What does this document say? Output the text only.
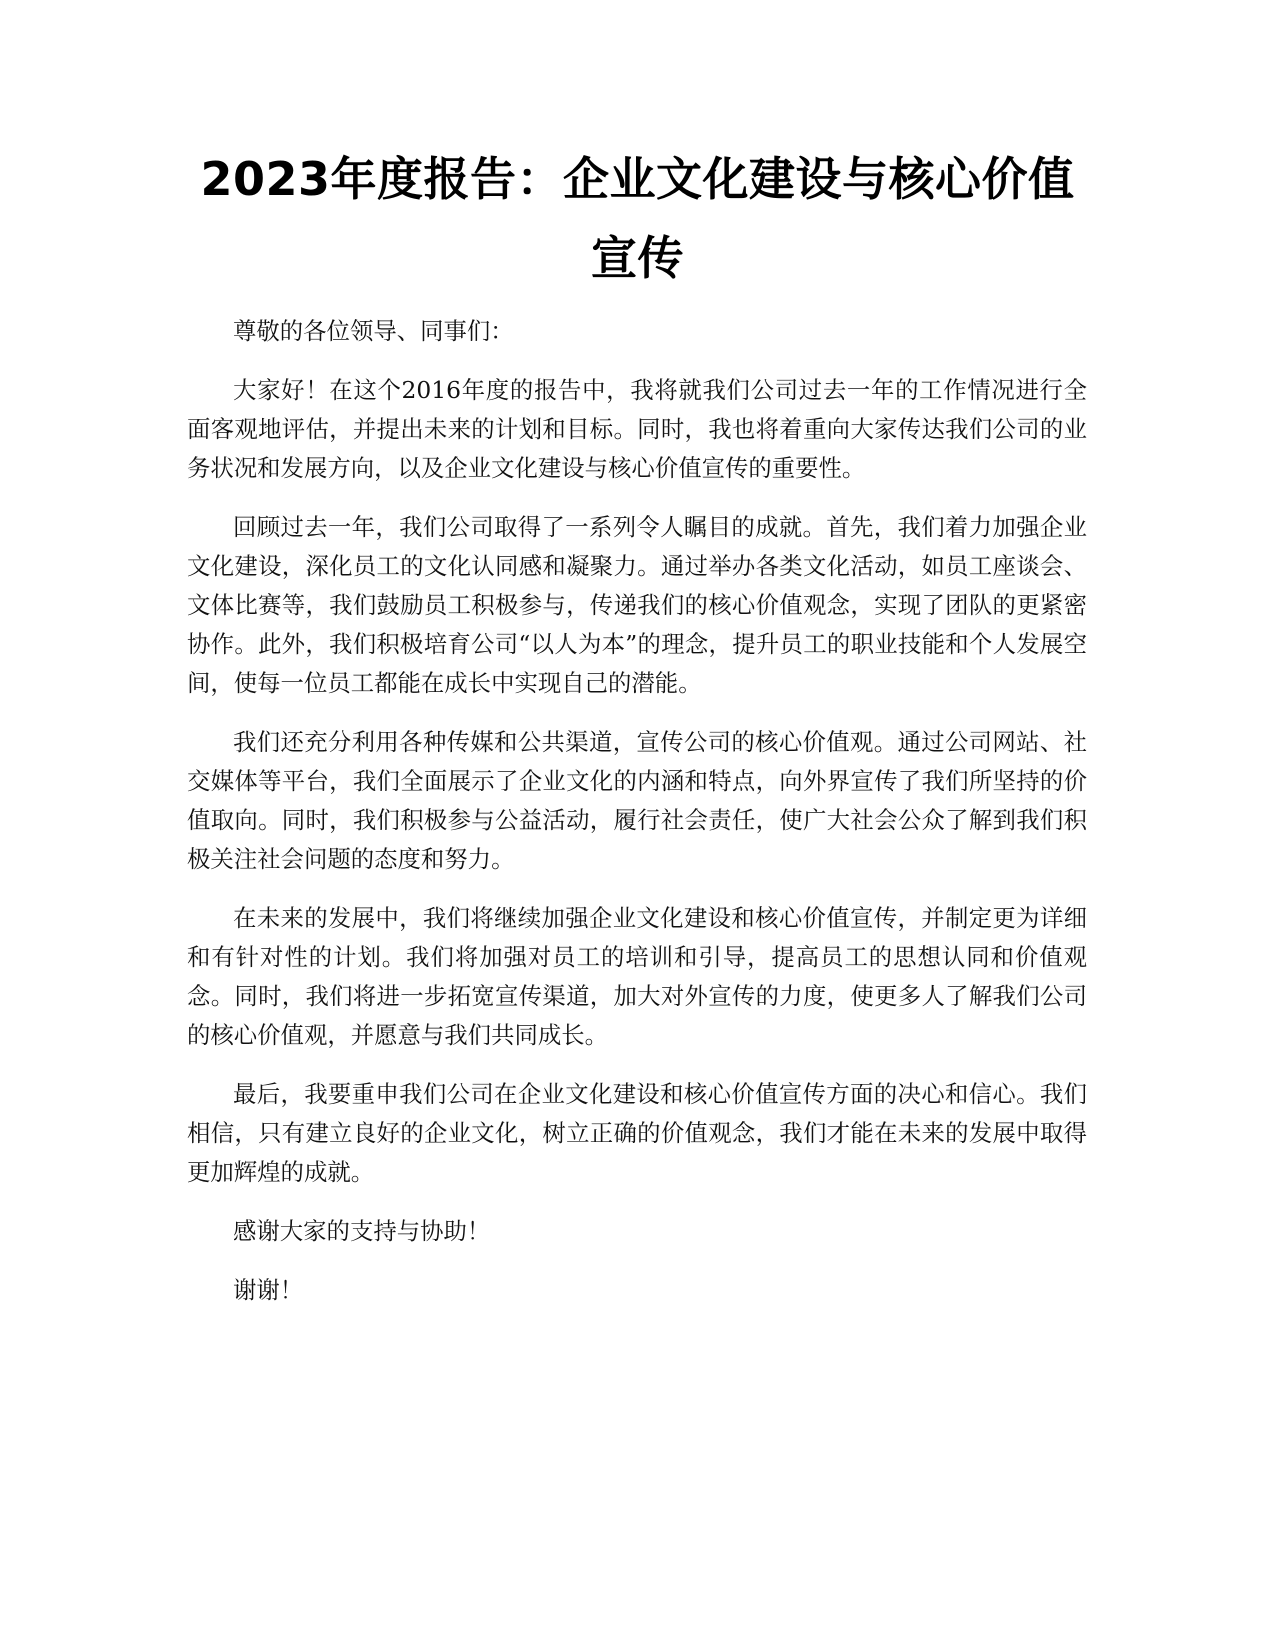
2023年度报告：企业文化建设与核心价值宣传

尊敬的各位领导、同事们：

大家好！在这个2016年度的报告中，我将就我们公司过去一年的工作情况进行全面客观地评估，并提出未来的计划和目标。同时，我也将着重向大家传达我们公司的业务状况和发展方向，以及企业文化建设与核心价值宣传的重要性。

回顾过去一年，我们公司取得了一系列令人瞩目的成就。首先，我们着力加强企业文化建设，深化员工的文化认同感和凝聚力。通过举办各类文化活动，如员工座谈会、文体比赛等，我们鼓励员工积极参与，传递我们的核心价值观念，实现了团队的更紧密协作。此外，我们积极培育公司“以人为本”的理念，提升员工的职业技能和个人发展空间，使每一位员工都能在成长中实现自己的潜能。

我们还充分利用各种传媒和公共渠道，宣传公司的核心价值观。通过公司网站、社交媒体等平台，我们全面展示了企业文化的内涵和特点，向外界宣传了我们所坚持的价值取向。同时，我们积极参与公益活动，履行社会责任，使广大社会公众了解到我们积极关注社会问题的态度和努力。

在未来的发展中，我们将继续加强企业文化建设和核心价值宣传，并制定更为详细和有针对性的计划。我们将加强对员工的培训和引导，提高员工的思想认同和价值观念。同时，我们将进一步拓宽宣传渠道，加大对外宣传的力度，使更多人了解我们公司的核心价值观，并愿意与我们共同成长。

最后，我要重申我们公司在企业文化建设和核心价值宣传方面的决心和信心。我们相信，只有建立良好的企业文化，树立正确的价值观念，我们才能在未来的发展中取得更加辉煌的成就。

感谢大家的支持与协助！

谢谢！
